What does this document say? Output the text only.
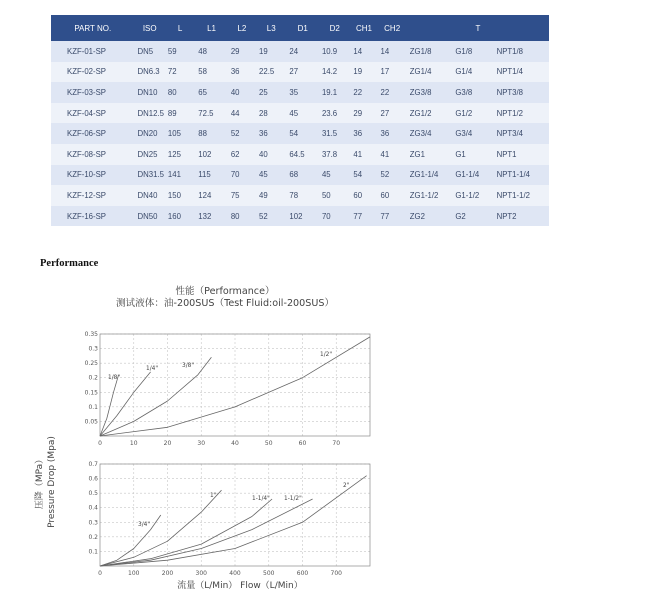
PART NO.	ISO	L	L1	L2	L3	D1	D2	CH1	CH2	T		
KZF-01-SP	DN5	59	48	29	19	24	10.9	14	14	ZG1/8	G1/8	NPT1/8
KZF-02-SP	DN6.3	72	58	36	22.5	27	14.2	19	17	ZG1/4	G1/4	NPT1/4
KZF-03-SP	DN10	80	65	40	25	35	19.1	22	22	ZG3/8	G3/8	NPT3/8
KZF-04-SP	DN12.5	89	72.5	44	28	45	23.6	29	27	ZG1/2	G1/2	NPT1/2
KZF-06-SP	DN20	105	88	52	36	54	31.5	36	36	ZG3/4	G3/4	NPT3/4
KZF-08-SP	DN25	125	102	62	40	64.5	37.8	41	41	ZG1	G1	NPT1
KZF-10-SP	DN31.5	141	115	70	45	68	45	54	52	ZG1-1/4	G1-1/4	NPT1-1/4
KZF-12-SP	DN40	150	124	75	49	78	50	60	60	ZG1-1/2	G1-1/2	NPT1-1/2
KZF-16-SP	DN50	160	132	80	52	102	70	77	77	ZG2	G2	NPT2
Performance
性能（Performance）
测试液体：油-200SUS（Test Fluid:oil-200SUS）
压降（MPa） Pressure Drop (Mpa)
流量（L/Min） Flow（L/Min）
0.35
0.3
0.25
0.2
0.15
0.1
0.05
0	10	20	30	40	50	60	70
1/8"
1/4"	3/8"
1/2"
0.7
0.6
0.5
0.4
0.3
0.2
0.1
0	100	200	300	400	500	600	700
3/4"
1"	1-1/4" 1-1/2"
2"
